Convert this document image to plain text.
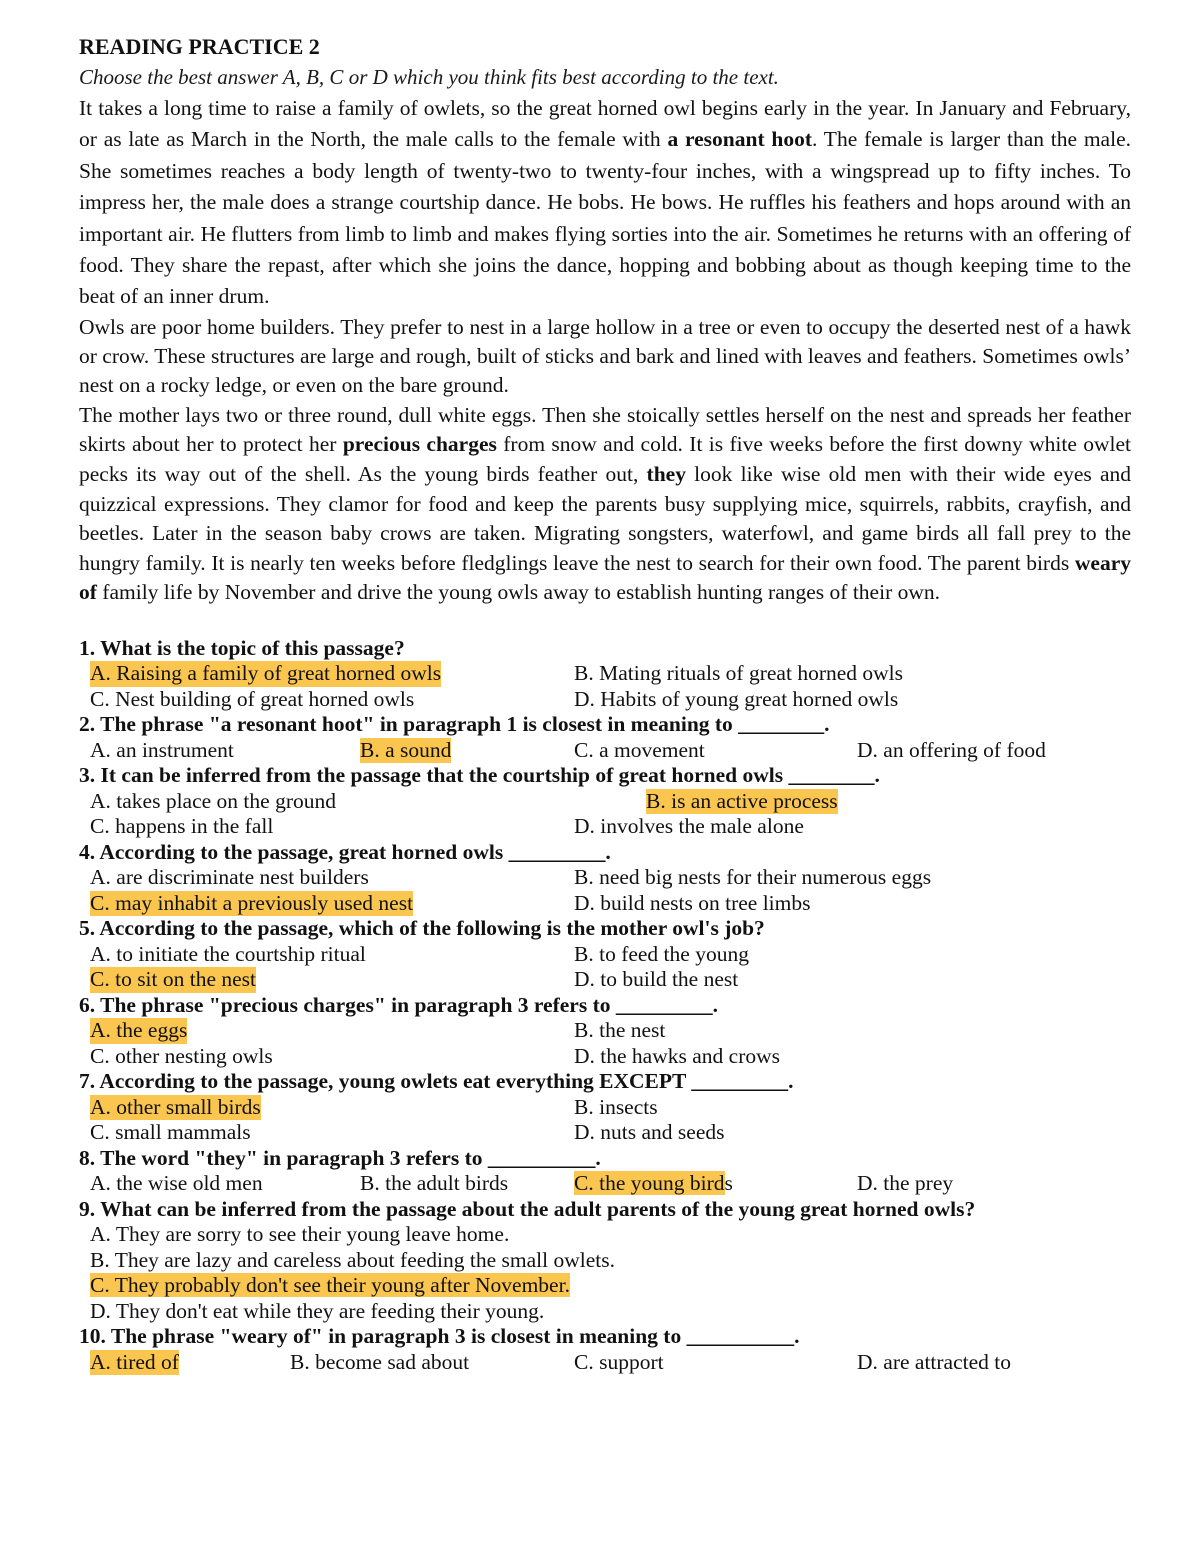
READING PRACTICE 2

Choose the best answer A, B, C or D which you think fits best according to the text.

It takes a long time to raise a family of owlets, so the great horned owl begins early in the year. In January and February, or as late as March in the North, the male calls to the female with a resonant hoot. The female is larger than the male. She sometimes reaches a body length of twenty-two to twenty-four inches, with a wingspread up to fifty inches. To impress her, the male does a strange courtship dance. He bobs. He bows. He ruffles his feathers and hops around with an important air. He flutters from limb to limb and makes flying sorties into the air. Sometimes he returns with an offering of food. They share the repast, after which she joins the dance, hopping and bobbing about as though keeping time to the beat of an inner drum.

Owls are poor home builders. They prefer to nest in a large hollow in a tree or even to occupy the deserted nest of a hawk or crow. These structures are large and rough, built of sticks and bark and lined with leaves and feathers. Sometimes owls’ nest on a rocky ledge, or even on the bare ground.

The mother lays two or three round, dull white eggs. Then she stoically settles herself on the nest and spreads her feather skirts about her to protect her precious charges from snow and cold. It is five weeks before the first downy white owlet pecks its way out of the shell. As the young birds feather out, they look like wise old men with their wide eyes and quizzical expressions. They clamor for food and keep the parents busy supplying mice, squirrels, rabbits, crayfish, and beetles. Later in the season baby crows are taken. Migrating songsters, waterfowl, and game birds all fall prey to the hungry family. It is nearly ten weeks before fledglings leave the nest to search for their own food. The parent birds weary of family life by November and drive the young owls away to establish hunting ranges of their own.

1. What is the topic of this passage?
A. Raising a family of great horned owls	B. Mating rituals of great horned owls
C. Nest building of great horned owls	D. Habits of young great horned owls
2. The phrase "a resonant hoot" in paragraph 1 is closest in meaning to ________.
A. an instrument	B. a sound	C. a movement	D. an offering of food
3. It can be inferred from the passage that the courtship of great horned owls ________.
A. takes place on the ground	B. is an active process
C. happens in the fall	D. involves the male alone
4. According to the passage, great horned owls _________.
A. are discriminate nest builders	B. need big nests for their numerous eggs
C. may inhabit a previously used nest	D. build nests on tree limbs
5. According to the passage, which of the following is the mother owl's job?
A. to initiate the courtship ritual	B. to feed the young
C. to sit on the nest	D. to build the nest
6. The phrase "precious charges" in paragraph 3 refers to _________.
A. the eggs	B. the nest
C. other nesting owls	D. the hawks and crows
7. According to the passage, young owlets eat everything EXCEPT _________.
A. other small birds	B. insects
C. small mammals	D. nuts and seeds
8. The word "they" in paragraph 3 refers to __________.
A. the wise old men	B. the adult birds	C. the young birds	D. the prey
9. What can be inferred from the passage about the adult parents of the young great horned owls?
A. They are sorry to see their young leave home.
B. They are lazy and careless about feeding the small owlets.
C. They probably don't see their young after November.
D. They don't eat while they are feeding their young.
10. The phrase "weary of" in paragraph 3 is closest in meaning to __________.
A. tired of	B. become sad about	C. support	D. are attracted to
